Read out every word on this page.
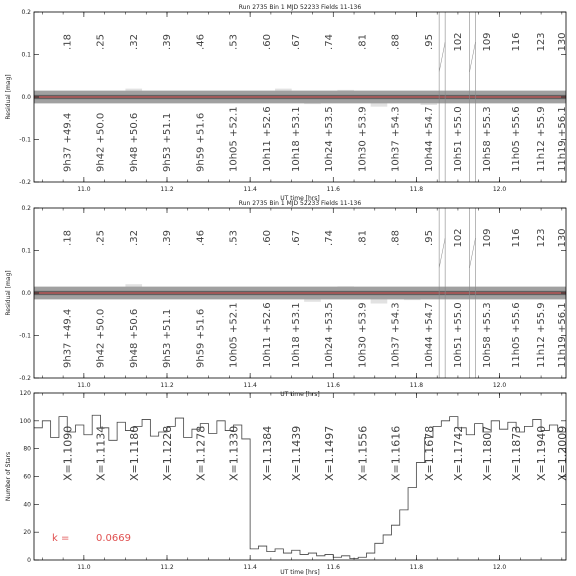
Run 2735 Bin 1 MJD 52233 Fields 11-136
.18 .25 .32 .39 .46 .53 .60 .67 .74 .81 .88 .95 102 109 116 123 130
9h37 +49.4 9h42 +50.0 9h48 +50.6 9h53 +51.1 9h59 +51.6 10h05 +52.1 10h11 +52.6 10h18 +53.1 10h24 +53.5 10h30 +53.9 10h37 +54.3 10h44 +54.7 10h51 +55.0 10h58 +55.3 11h05 +55.6 11h12 +55.9 11h19 +56.1
11.0	11.2	11.4	11.6	11.8	12.0
-0.2
-0.1
0.0
0.1
0.2
Residual [mag]
UT time [hrs]
Run 2735 Bin 1 MJD 52233 Fields 11-136
.18 .25 .32 .39 .46 .53 .60 .67 .74 .81 .88 .95 102 109 116 123 130
9h37 +49.4 9h42 +50.0 9h48 +50.6 9h53 +51.1 9h59 +51.6 10h05 +52.1 10h11 +52.6 10h18 +53.1 10h24 +53.5 10h30 +53.9 10h37 +54.3 10h44 +54.7 10h51 +55.0 10h58 +55.3 11h05 +55.6 11h12 +55.9 11h19 +56.1
11.0	11.2	11.4	11.6	11.8	12.0
-0.2
-0.1
0.0
0.1
0.2
Residual [mag]
UT time [hrs]
X=1.1090 X=1.1134 X=1.1180 X=1.1228 X=1.1278 X=1.1330 X=1.1384 X=1.1439 X=1.1497 X=1.1556 X=1.1616 X=1.1678 X=1.1742 X=1.1807 X=1.1873 X=1.1940 X=1.2009
11.0	11.2	11.4	11.6	11.8	12.0
0
20
40
60
80
100
120
Number of Stars
UT time [hrs]
k =	0.0669
